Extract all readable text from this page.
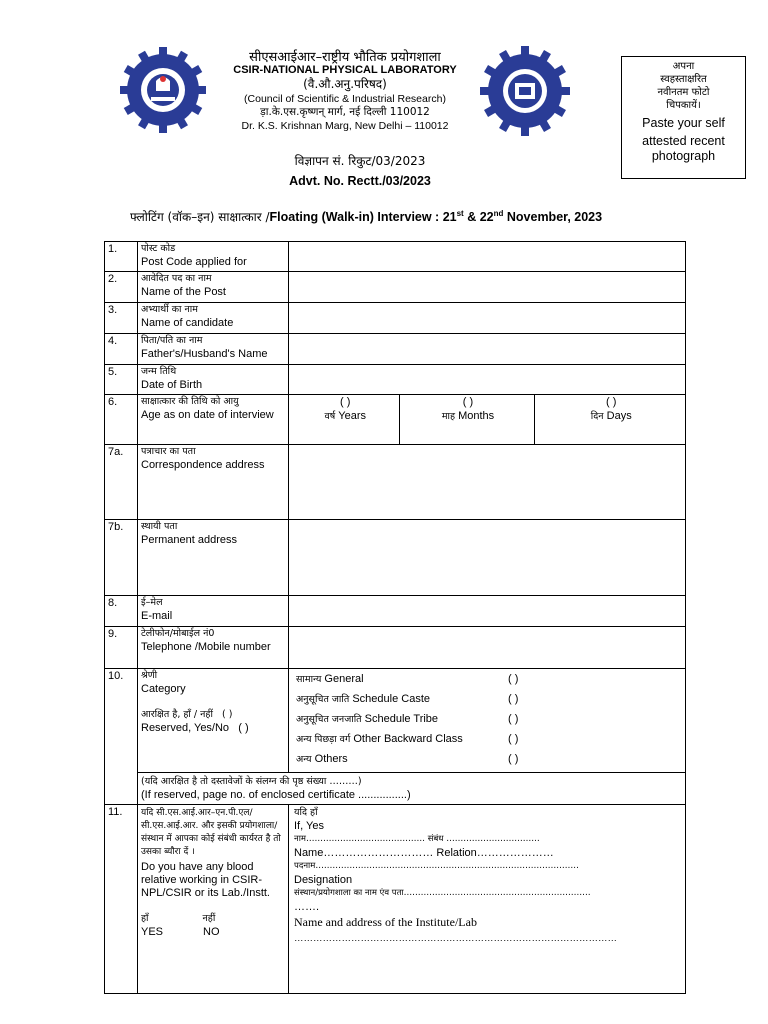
सीएसआईआर–राष्ट्रीय भौतिक प्रयोगशाला
CSIR-NATIONAL PHYSICAL LABORATORY
(वै.औ.अनु.परिषद)
(Council of Scientific & Industrial Research)
ड़ा.के.एस.कृष्णन् मार्ग, नई दिल्ली 110012
Dr. K.S. Krishnan Marg, New Delhi – 110012
अपना
स्वहस्ताक्षरित
नवीनतम फोटो
चिपकायें।
Paste your self
attested recent
photograph
विज्ञापन सं. रिकुट/03/2023
Advt. No. Rectt./03/2023
फ्लोटिंग (वॉक–इन) साक्षात्कार /Floating (Walk-in) Interview : 21st & 22nd November, 2023
1.	पोस्ट कोड
Post Code applied for

2.	आवेदित पद का नाम
Name of the Post

3.	अभ्यार्थी का नाम
Name of candidate

4.	पिता/पति का नाम
Father's/Husband's Name

5.	जन्म तिथि
Date of Birth

6.	साक्षात्कार की तिथि को आयु
Age as on date of interview

( )
वर्ष Years

( )
माह Months

( )
दिन Days

7a.	पत्राचार का पता
Correspondence address

7b.	स्थायी पता
Permanent address

8.	ई–मेल
E-mail

9.	टेलीफोन/मोबाईल नं0
Telephone /Mobile number

10.	श्रेणी
Category
आरक्षित है, हॉं / नहीं ( )
Reserved, Yes/No ( )

सामान्य General	( )
अनुसूचित जाति Schedule Caste	( )
अनुसूचित जनजाति Schedule Tribe	( )
अन्य पिछड़ा वर्ग Other Backward Class	( )
अन्य Others	( )

(यदि आरक्षित है तो दस्तावेजों के संलग्न की पृष्ठ संख्या ………)
(If reserved, page no. of enclosed certificate ................)

11.	यदि सी.एस.आई.आर–एन.पी.एल/ सी.एस.आई.आर. और इसकी प्रयोगशाला/संस्थान में आपका कोई संबंधी कार्यरत है तो उसका ब्यौरा दें ।
Do you have any blood relative working in CSIR-NPL/CSIR or its Lab./Instt.
हॉं	नहीं
YES	NO

यदि हॉं
If, Yes
नाम…………………………………… संबंध ……………………………
Name………………………… Relation…………………
पदनाम…………………………………………………………………………………
Designation
संस्थान/प्रयोगशाला का नाम एंव पता…………………………………………………………
…….
Name and address of the Institute/Lab
…………………………………………………………………………………………
